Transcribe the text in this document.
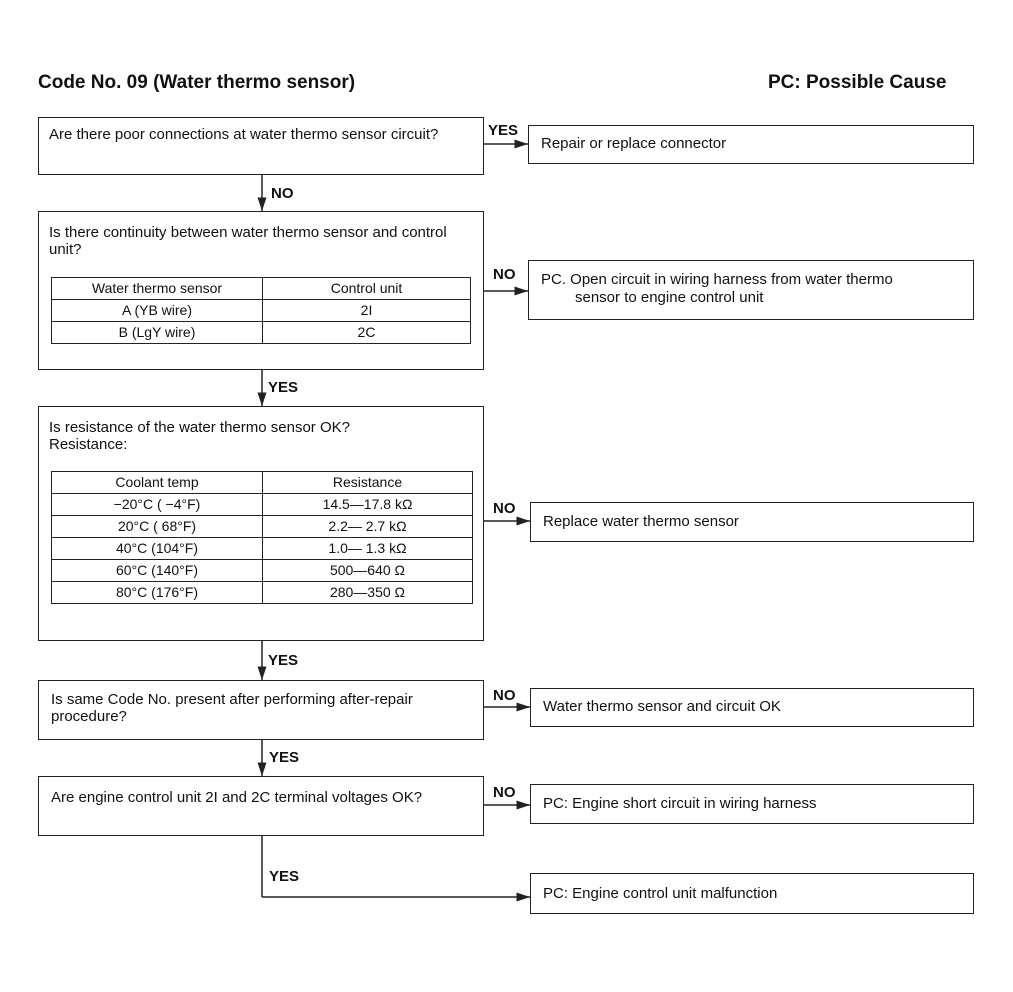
Code No. 09 (Water thermo sensor)	PC: Possible Cause
Are there poor connections at water thermo sensor circuit?	YES
Repair or replace connector
NO
Is there continuity between water thermo sensor and control unit?
Water thermo sensor	Control unit
A (YB wire)	2I
B (LgY wire)	2C
NO PC. Open circuit in wiring harness from water thermo
sensor to engine control unit
YES
Is resistance of the water thermo sensor OK?
Resistance:
Coolant temp	Resistance
−20°C ( −4°F)	14.5—17.8 kΩ
20°C ( 68°F)	2.2— 2.7 kΩ
40°C (104°F)	1.0— 1.3 kΩ
60°C (140°F)	500—640 Ω
80°C (176°F)	280—350 Ω
NO
Replace water thermo sensor
YES
Is same Code No. present after performing after-repair procedure?
NO
Water thermo sensor and circuit OK
YES
Are engine control unit 2I and 2C terminal voltages OK?	NO
PC: Engine short circuit in wiring harness
YES
PC: Engine control unit malfunction
